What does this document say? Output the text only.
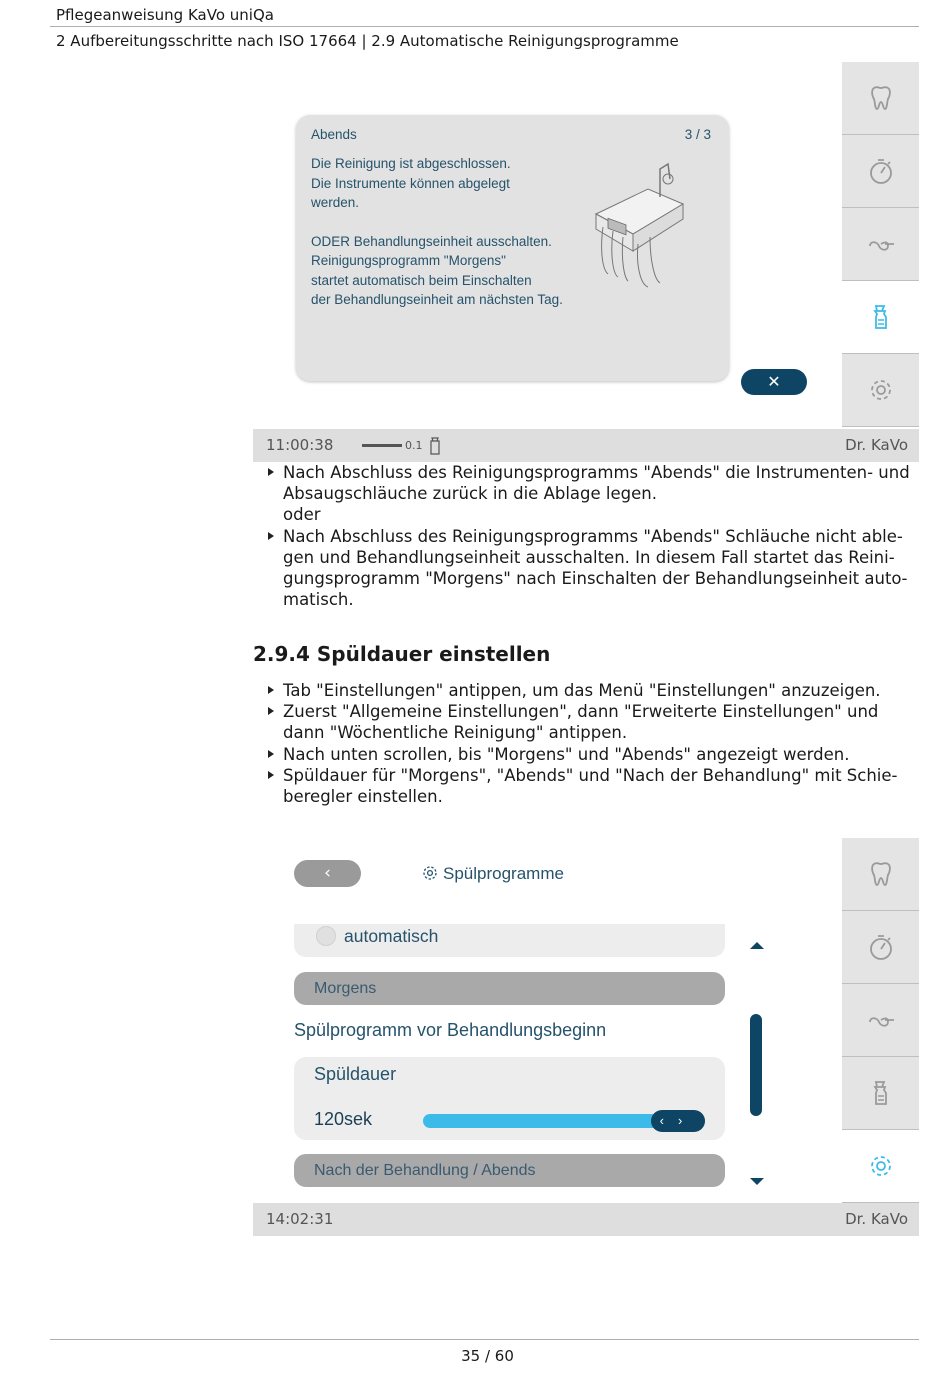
Pflegeanweisung KaVo uniQa
2 Aufbereitungsschritte nach ISO 17664 | 2.9 Automatische Reinigungsprogramme
Abends	3 / 3

Die Reinigung ist abgeschlossen.
Die Instrumente können abgelegt
werden.

ODER Behandlungseinheit ausschalten.
Reinigungsprogramm "Morgens"
startet automatisch beim Einschalten
der Behandlungseinheit am nächsten Tag.

✕
11:00:38	0.1	Dr. KaVo
Nach Abschluss des Reinigungsprogramms "Abends" die Instrumenten- und Absaugschläuche zurück in die Ablage legen.
oder
Nach Abschluss des Reinigungsprogramms "Abends" Schläuche nicht ablegen und Behandlungseinheit ausschalten. In diesem Fall startet das Reinigungsprogramm "Morgens" nach Einschalten der Behandlungseinheit automatisch.
2.9.4 Spüldauer einstellen
Tab "Einstellungen" antippen, um das Menü "Einstellungen" anzuzeigen.
Zuerst "Allgemeine Einstellungen", dann "Erweiterte Einstellungen" und dann "Wöchentliche Reinigung" antippen.
Nach unten scrollen, bis "Morgens" und "Abends" angezeigt werden.
Spüldauer für "Morgens", "Abends" und "Nach der Behandlung" mit Schieberegler einstellen.
‹	Spülprogramme
automatisch
Morgens
Spülprogramm vor Behandlungsbeginn
Spüldauer
120sek	‹›
Nach der Behandlung / Abends
14:02:31	Dr. KaVo
35 / 60
